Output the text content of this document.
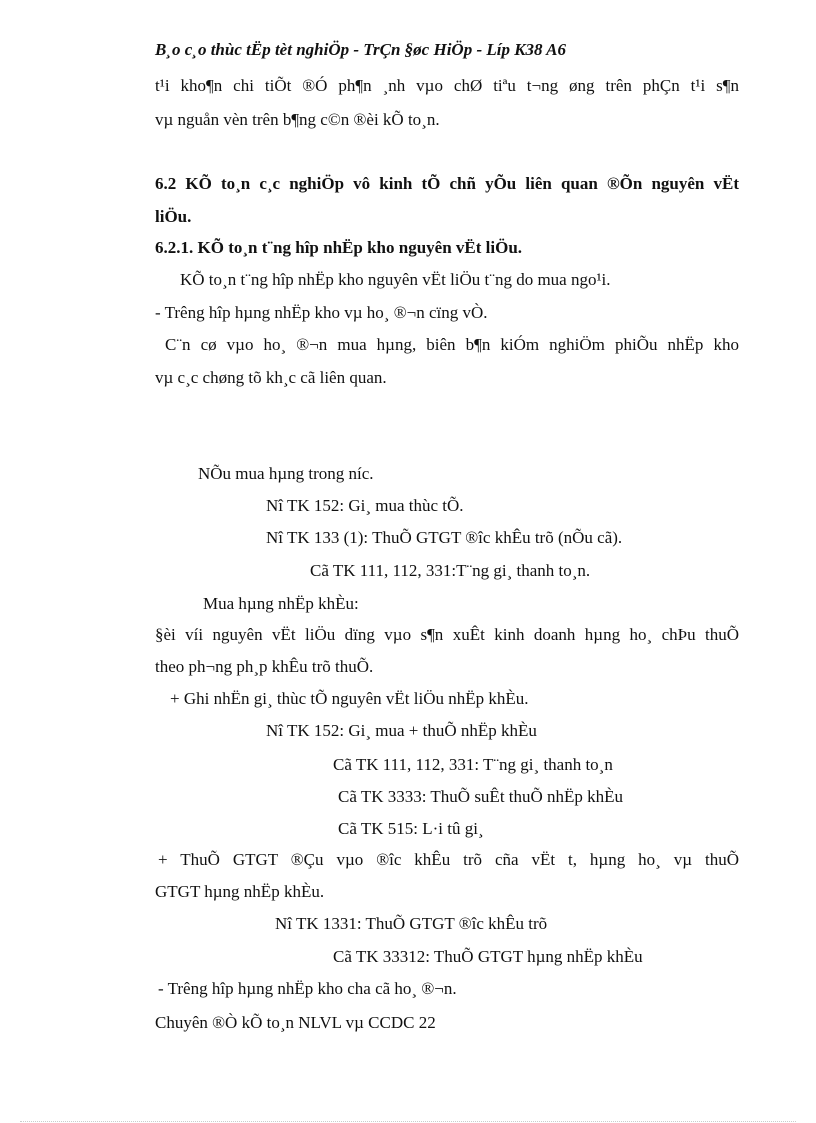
B¸o c¸o thùc tËp tèt nghiÖp - TrÇn §øc HiÖp - Líp K38 A6
t¹i kho¶n chi tiÕt ®Ó ph¶n ¸nh vµo chØ tiªu t¬ng øng trên phÇn t¹i s¶n
vµ nguån vèn trên b¶ng c©n ®èi kÕ to¸n.
6.2 KÕ to¸n c¸c nghiÖp vô kinh tÕ chñ yÕu liên quan ®Õn nguyên vËt
liÖu.
6.2.1. KÕ to¸n t¨ng hîp nhËp kho nguyên vËt liÖu.
KÕ to¸n t¨ng hîp nhËp kho nguyên vËt liÖu t¨ng do mua ngo¹i.
- Trêng hîp hµng nhËp kho vµ ho¸ ®¬n cïng vÒ.
C¨n cø vµo ho¸ ®¬n mua hµng, biên b¶n kiÓm nghiÖm phiÕu nhËp kho
vµ c¸c chøng tõ kh¸c cã liên quan.
NÕu mua hµng trong níc.
Nî TK 152: Gi¸ mua thùc tÕ.
Nî TK 133 (1): ThuÕ GTGT ®îc khÊu trõ (nÕu cã).
Cã TK 111, 112, 331:T¨ng gi¸ thanh to¸n.
Mua hµng nhËp khÈu:
§èi víi nguyên vËt liÖu dïng vµo s¶n xuÊt kinh doanh hµng ho¸ chÞu thuÕ
theo ph¬ng ph¸p khÊu trõ thuÕ.
+ Ghi nhËn gi¸ thùc tÕ nguyên vËt liÖu nhËp khÈu.
Nî TK 152: Gi¸ mua + thuÕ nhËp khÈu
Cã TK 111, 112, 331: T¨ng gi¸ thanh to¸n
Cã TK 3333: ThuÕ suÊt thuÕ nhËp khÈu
Cã TK 515: L·i tû gi¸
+ ThuÕ GTGT ®Çu vµo ®îc khÊu trõ cña vËt t, hµng ho¸ vµ thuÕ
GTGT hµng nhËp khÈu.
Nî TK 1331: ThuÕ GTGT ®îc khÊu trõ
Cã TK 33312: ThuÕ GTGT hµng nhËp khÈu
- Trêng hîp hµng nhËp kho cha cã ho¸ ®¬n.
Chuyên ®Ò kÕ to¸n NLVL vµ CCDC 22
